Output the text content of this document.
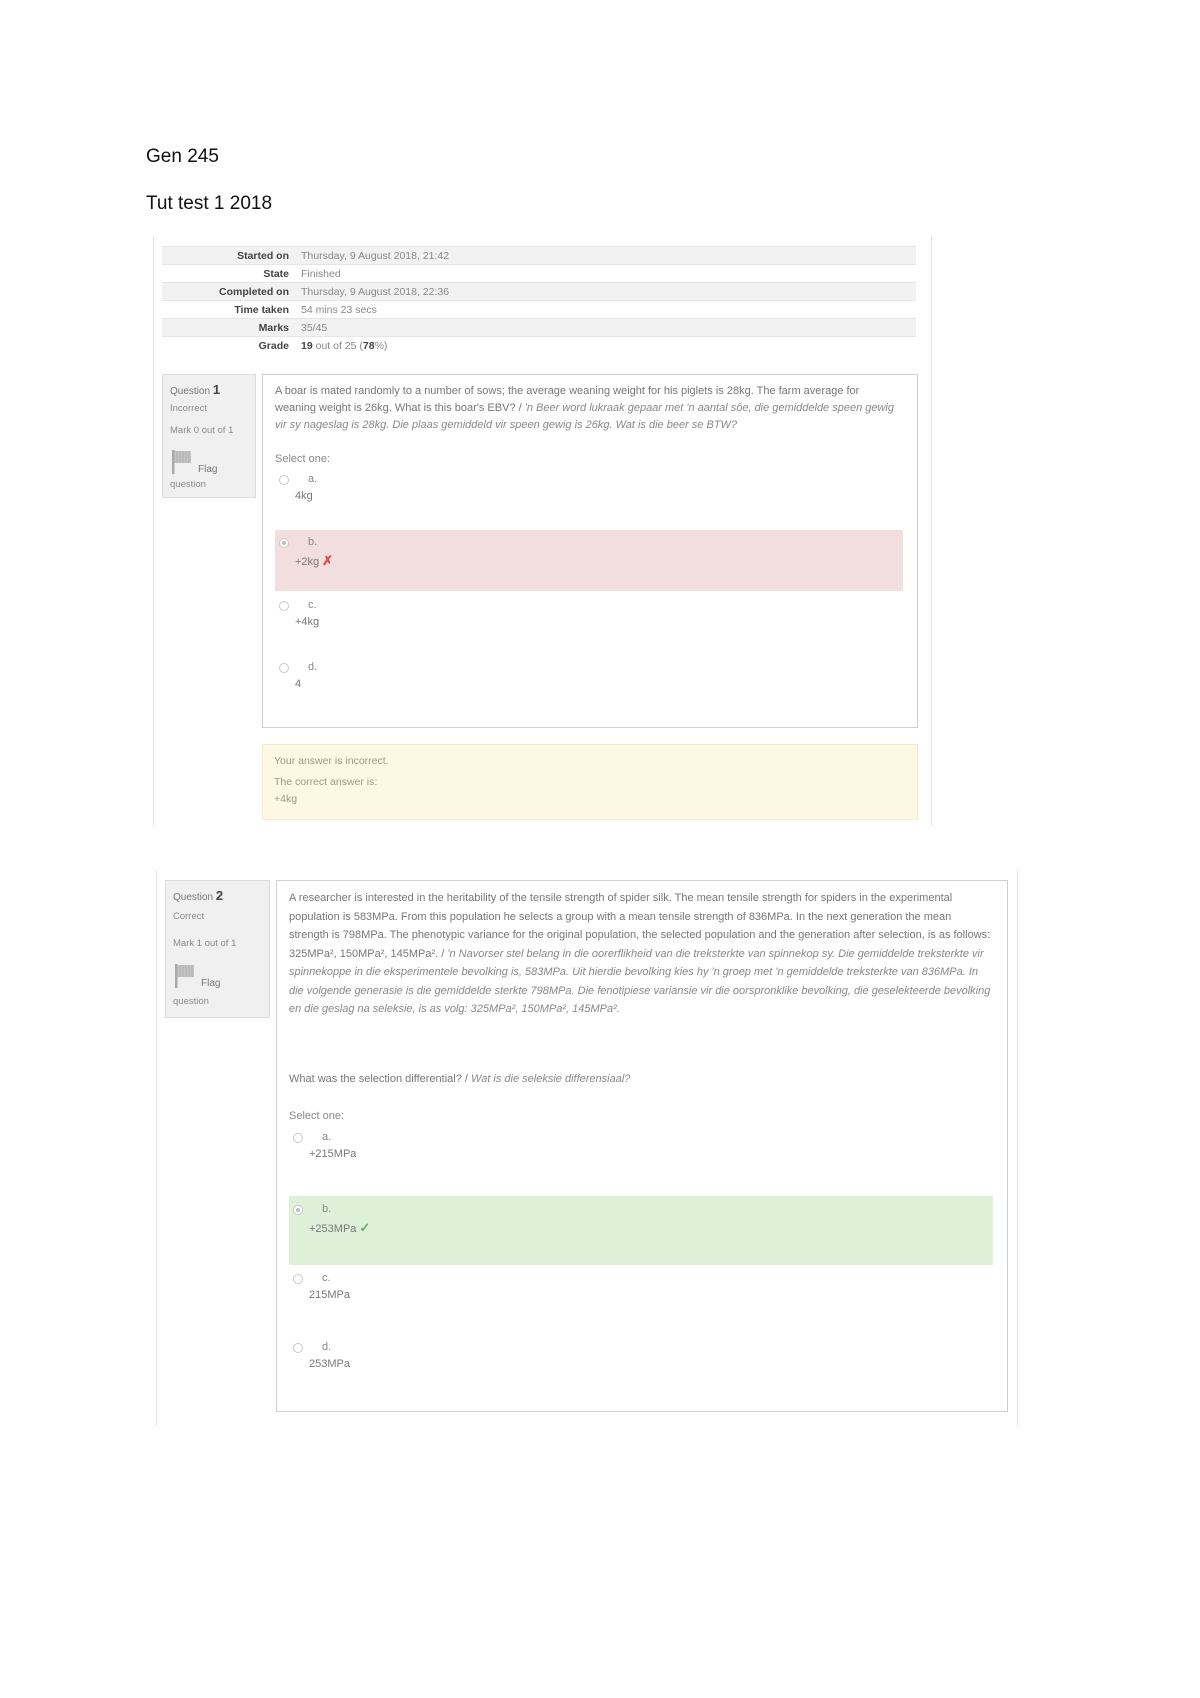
Gen 245
Tut test 1 2018
Started on	Thursday, 9 August 2018, 21:42
State	Finished
Completed on	Thursday, 9 August 2018, 22:36
Time taken	54 mins 23 secs
Marks	35/45
Grade	19 out of 25 (78%)
Question 1
Incorrect
Mark 0 out of 1
Flag
question
A boar is mated randomly to a number of sows; the average weaning weight for his piglets is 28kg. The farm average for weaning weight is 26kg. What is this boar's EBV? / 'n Beer word lukraak gepaar met 'n aantal sôe, die gemiddelde speen gewig vir sy nageslag is 28kg. Die plaas gemiddeld vir speen gewig is 26kg. Wat is die beer se BTW?
Select one:
a.
4kg
b.
+2kg ✗
c.
+4kg
d.
4
Your answer is incorrect.
The correct answer is:
+4kg
Question 2
Correct
Mark 1 out of 1
Flag
question
A researcher is interested in the heritability of the tensile strength of spider silk. The mean tensile strength for spiders in the experimental population is 583MPa. From this population he selects a group with a mean tensile strength of 836MPa. In the next generation the mean strength is 798MPa. The phenotypic variance for the original population, the selected population and the generation after selection, is as follows: 325MPa², 150MPa², 145MPa². / 'n Navorser stel belang in die oorerflikheid van die treksterkte van spinnekop sy. Die gemiddelde treksterkte vir spinnekoppe in die eksperimentele bevolking is, 583MPa. Uit hierdie bevolking kies hy 'n groep met 'n gemiddelde treksterkte van 836MPa. In die volgende generasie is die gemiddelde sterkte 798MPa. Die fenotipiese variansie vir die oorspronklike bevolking, die geselekteerde bevolking en die geslag na seleksie, is as volg: 325MPa², 150MPa², 145MPa².
What was the selection differential? / Wat is die seleksie differensiaal?
Select one:
a.
+215MPa
b.
+253MPa ✓
c.
215MPa
d.
253MPa
